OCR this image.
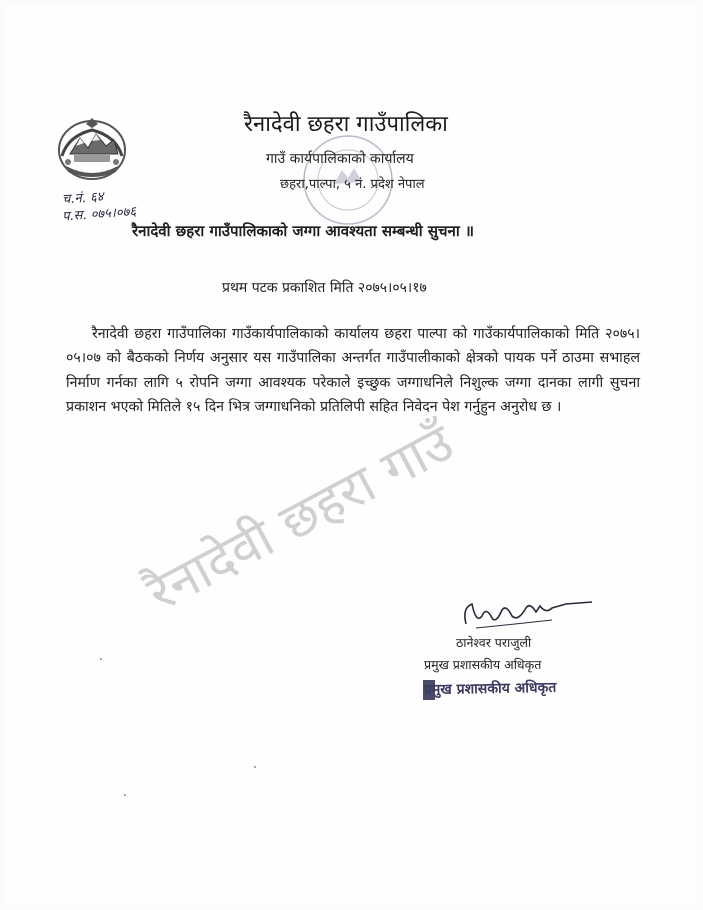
च.नं. ६४
प.स. ०७५।०७६
रैनादेवी छहरा गाउँपालिका
गाउँ कार्यपालिकाको कार्यालय
छहरा,पाल्पा, ५ नं. प्रदेश नेपाल
रैनादेवी छहरा गाउँपालिकाको जग्गा आवश्यता सम्बन्धी सुचना ॥
प्रथम पटक प्रकाशित मिति २०७५।०५।१७

रैनादेवी छहरा गाउँपालिका गाउँकार्यपालिकाको कार्यालय छहरा पाल्पा को गाउँकार्यपालिकाको मिति २०७५।०५।०७ को बैठकको निर्णय अनुसार यस गाउँपालिका अन्तर्गत गाउँपालीकाको क्षेत्रको पायक पर्ने ठाउमा सभाहल निर्माण गर्नका लागि ५ रोपनि जग्गा आवश्यक परेकाले इच्छुक जग्गाधनिले निशुल्क जग्गा दानका लागी सुचना प्रकाशन भएको मितिले १५ दिन भित्र जग्गाधनिको प्रतिलिपी सहित निवेदन पेश गर्नुहुन अनुरोध छ ।

रैनादेवी छहरा गाउँ
ठानेश्वर पराजुली
प्रमुख प्रशासकीय अधिकृत
प्रमुख प्रशासकीय अधिकृत
